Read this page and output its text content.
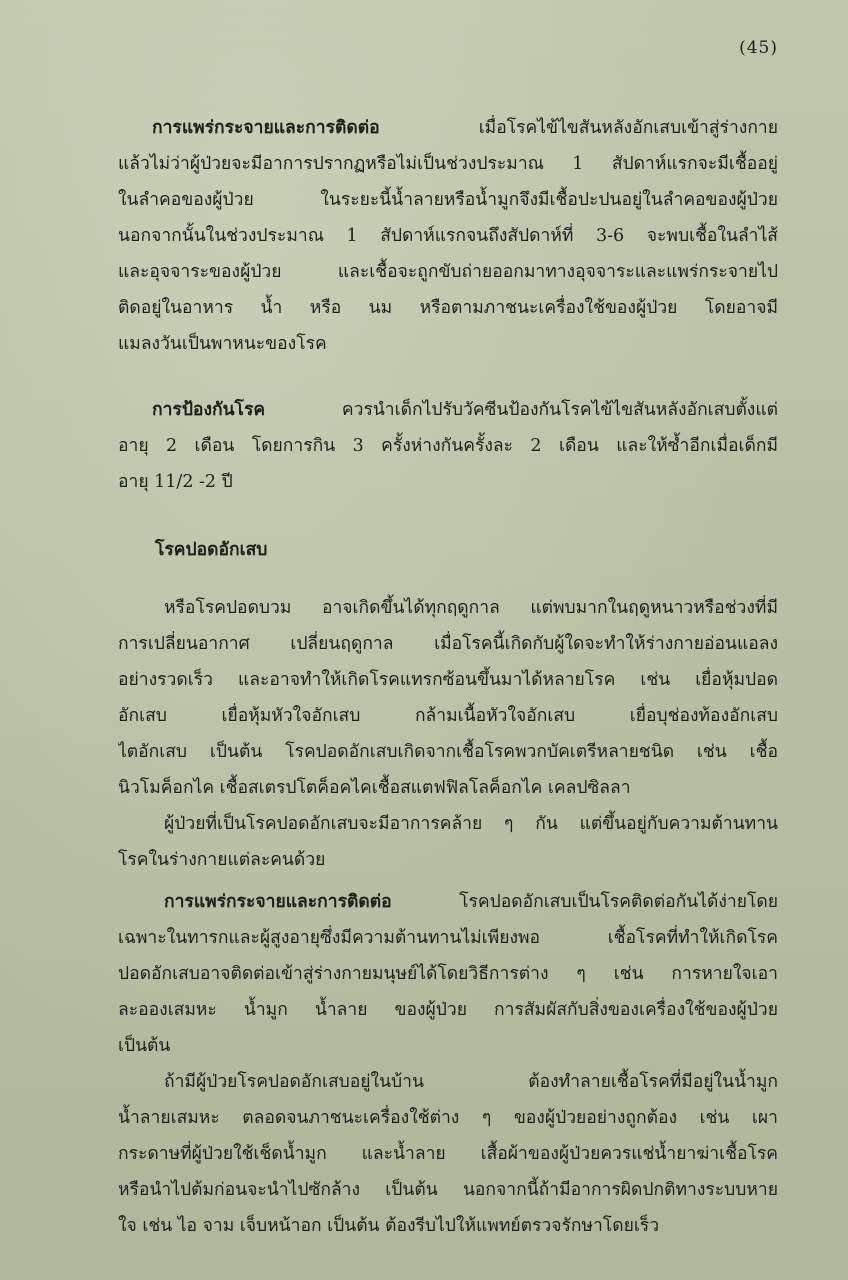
(45)
การแพร่กระจายและการติดต่อ	เมื่อโรคไข้ไขสันหลังอักเสบเข้าสู่ร่างกาย
แล้วไม่ว่าผู้ป่วยจะมีอาการปรากฏหรือไม่เป็นช่วงประมาณ 1 สัปดาห์แรกจะมีเชื้ออยู่
ในลำคอของผู้ป่วย ในระยะนี้น้ำลายหรือน้ำมูกจึงมีเชื้อปะปนอยู่ในลำคอของผู้ป่วย
นอกจากนั้นในช่วงประมาณ 1 สัปดาห์แรกจนถึงสัปดาห์ที่ 3-6 จะพบเชื้อในลำไส้
และอุจจาระของผู้ป่วย และเชื้อจะถูกขับถ่ายออกมาทางอุจจาระและแพร่กระจายไป
ติดอยู่ในอาหาร น้ำ หรือ นม หรือตามภาชนะเครื่องใช้ของผู้ป่วย โดยอาจมี
แมลงวันเป็นพาหนะของโรค
การป้องกันโรค	ควรนำเด็กไปรับวัคซีนป้องกันโรคไข้ไขสันหลังอักเสบตั้งแต่
อายุ 2 เดือน โดยการกิน 3 ครั้งห่างกันครั้งละ 2 เดือน และให้ซ้ำอีกเมื่อเด็กมี
อายุ 11/2 -2 ปี
โรคปอดอักเสบ
หรือโรคปอดบวม อาจเกิดขึ้นได้ทุกฤดูกาล แต่พบมากในฤดูหนาวหรือช่วงที่มี
การเปลี่ยนอากาศ เปลี่ยนฤดูกาล เมื่อโรคนี้เกิดกับผู้ใดจะทำให้ร่างกายอ่อนแอลง
อย่างรวดเร็ว และอาจทำให้เกิดโรคแทรกซ้อนขึ้นมาได้หลายโรค เช่น เยื่อหุ้มปอด
อักเสบ เยื่อหุ้มหัวใจอักเสบ กล้ามเนื้อหัวใจอักเสบ เยื่อบุช่องท้องอักเสบ
ไตอักเสบ เป็นต้น โรคปอดอักเสบเกิดจากเชื้อโรคพวกบัคเตรีหลายชนิด เช่น เชื้อ
นิวโมค็อกไค เชื้อสเตรปโตค็อคไคเชื้อสแตฟฟิลโลค็อกไค เคลปซิลลา
ผู้ป่วยที่เป็นโรคปอดอักเสบจะมีอาการคล้าย ๆ กัน แต่ขึ้นอยู่กับความต้านทาน
โรคในร่างกายแต่ละคนด้วย
การแพร่กระจายและการติดต่อ	โรคปอดอักเสบเป็นโรคติดต่อกันได้ง่ายโดย
เฉพาะในทารกและผู้สูงอายุซึ่งมีความต้านทานไม่เพียงพอ เชื้อโรคที่ทำให้เกิดโรค
ปอดอักเสบอาจติดต่อเข้าสู่ร่างกายมนุษย์ได้โดยวิธีการต่าง ๆ เช่น การหายใจเอา
ละอองเสมหะ น้ำมูก น้ำลาย ของผู้ป่วย การสัมผัสกับสิ่งของเครื่องใช้ของผู้ป่วย
เป็นต้น
ถ้ามีผู้ป่วยโรคปอดอักเสบอยู่ในบ้าน ต้องทำลายเชื้อโรคที่มีอยู่ในน้ำมูก
น้ำลายเสมหะ ตลอดจนภาชนะเครื่องใช้ต่าง ๆ ของผู้ป่วยอย่างถูกต้อง เช่น เผา
กระดาษที่ผู้ป่วยใช้เช็ดน้ำมูก และน้ำลาย เสื้อผ้าของผู้ป่วยควรแช่น้ำยาฆ่าเชื้อโรค
หรือนำไปต้มก่อนจะนำไปซักล้าง เป็นต้น นอกจากนี้ถ้ามีอาการผิดปกติทางระบบหาย
ใจ เช่น ไอ จาม เจ็บหน้าอก เป็นต้น ต้องรีบไปให้แพทย์ตรวจรักษาโดยเร็ว
